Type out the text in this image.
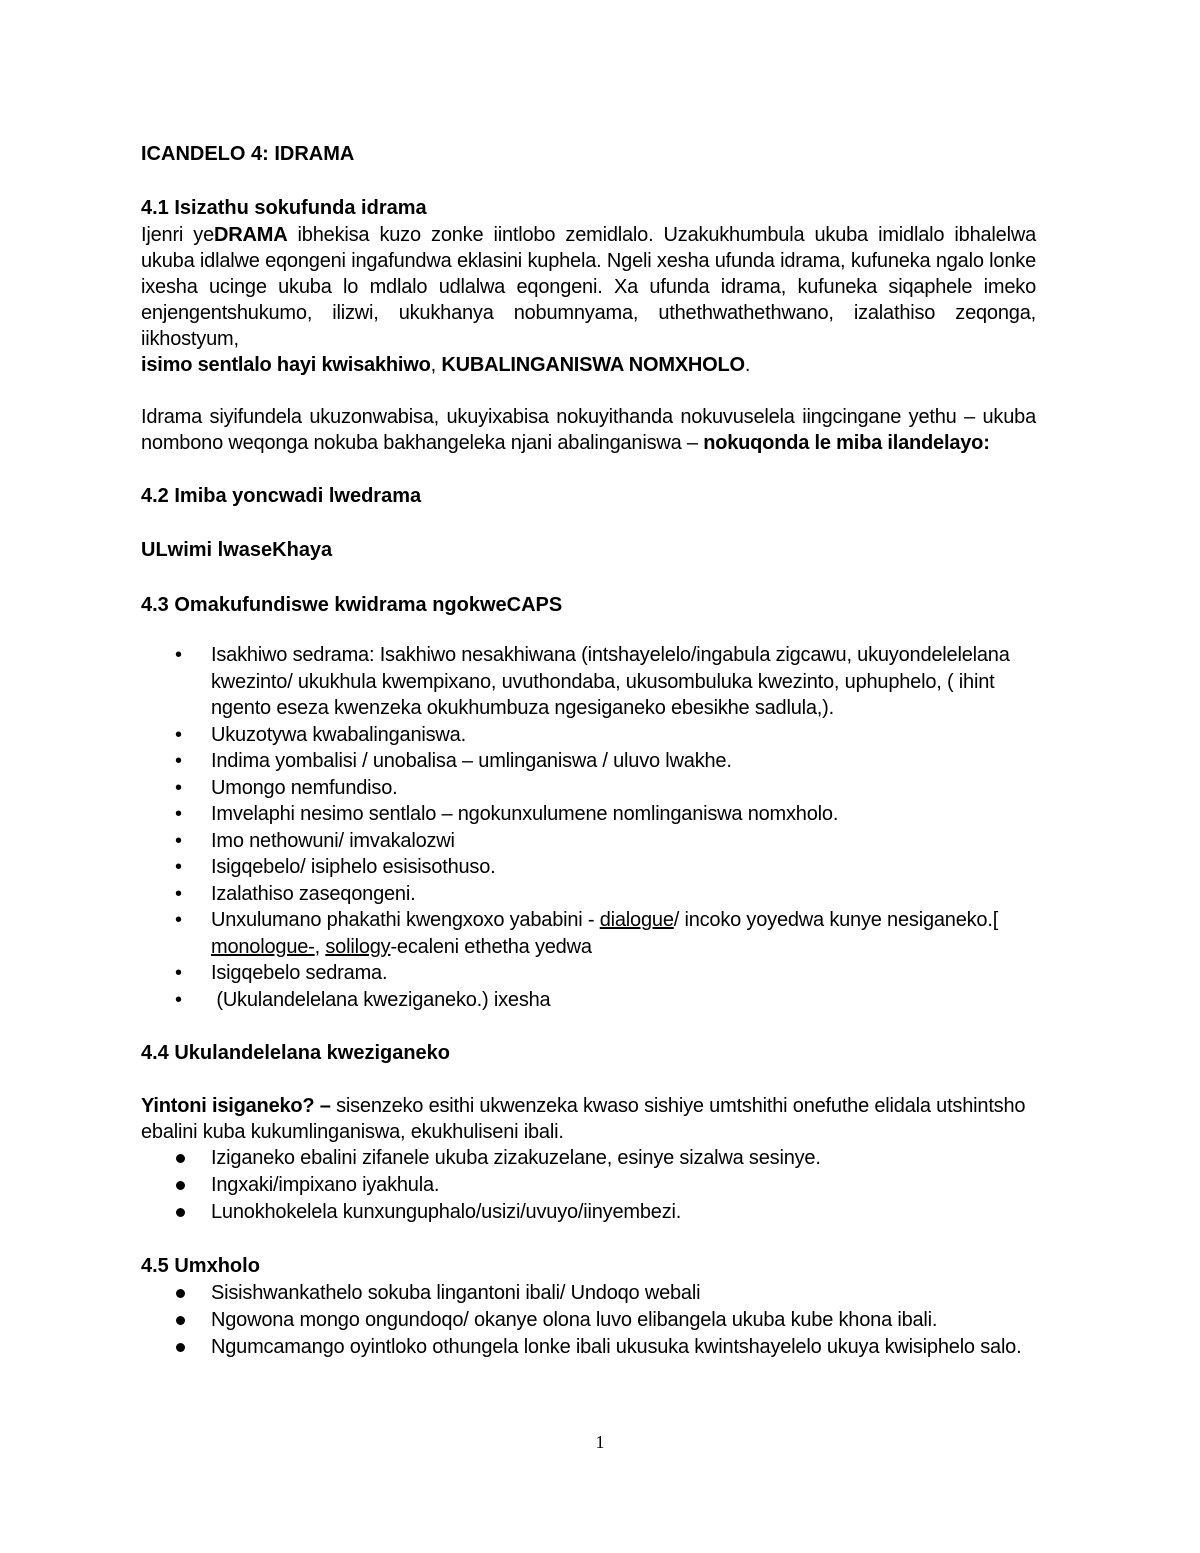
ICANDELO 4: IDRAMA

4.1 Isizathu sokufunda idrama

Ijenri yeDRAMA ibhekisa kuzo zonke iintlobo zemidlalo. Uzakukhumbula ukuba imidlalo ibhalelwa ukuba idlalwe eqongeni ingafundwa eklasini kuphela. Ngeli xesha ufunda idrama, kufuneka ngalo lonke ixesha ucinge ukuba lo mdlalo udlalwa eqongeni. Xa ufunda idrama, kufuneka siqaphele imeko enjengentshukumo, ilizwi, ukukhanya nobumnyama, uthethwathethwano, izalathiso zeqonga, iikhostyum,
isimo sentlalo hayi kwisakhiwo, KUBALINGANISWA NOMXHOLO.

Idrama siyifundela ukuzonwabisa, ukuyixabisa nokuyithanda nokuvuselela iingcingane yethu – ukuba nombono weqonga nokuba bakhangeleka njani abalinganiswa – nokuqonda le miba ilandelayo:

4.2 Imiba yoncwadi lwedrama

ULwimi lwaseKhaya

4.3 Omakufundiswe kwidrama ngokweCAPS

•	Isakhiwo sedrama: Isakhiwo nesakhiwana (intshayelelo/ingabula zigcawu, ukuyondelelelana kwezinto/ ukukhula kwempixano, uvuthondaba, ukusombuluka kwezinto, uphuphelo, ( ihint ngento eseza kwenzeka okukhumbuza ngesiganeko ebesikhe sadlula,).
•	Ukuzotywa kwabalinganiswa.
•	Indima yombalisi / unobalisa – umlinganiswa / uluvo lwakhe.
•	Umongo nemfundiso.
•	Imvelaphi nesimo sentlalo – ngokunxulumene nomlinganiswa nomxholo.
•	Imo nethowuni/ imvakalozwi
•	Isigqebelo/ isiphelo esisisothuso.
•	Izalathiso zaseqongeni.
•	Unxulumano phakathi kwengxoxo yababini - dialogue/ incoko yoyedwa kunye nesiganeko.[
monologue-, solilogy-ecaleni ethetha yedwa
•	Isigqebelo sedrama.
•	(Ukulandelelana kweziganeko.) ixesha

4.4 Ukulandelelana kweziganeko

Yintoni isiganeko? – sisenzeko esithi ukwenzeka kwaso sishiye umtshithi onefuthe elidala utshintsho ebalini kuba kukumlinganiswa, ekukhuliseni ibali.

Iziganeko ebalini zifanele ukuba zizakuzelane, esinye sizalwa sesinye.
Ingxaki/impixano iyakhula.
Lunokhokelela kunxunguphalo/usizi/uvuyo/iinyembezi.

4.5 Umxholo

Sisishwankathelo sokuba lingantoni ibali/ Undoqo webali
Ngowona mongo ongundoqo/ okanye olona luvo elibangela ukuba kube khona ibali.
Ngumcamango oyintloko othungela lonke ibali ukusuka kwintshayelelo ukuya kwisiphelo salo.
1
